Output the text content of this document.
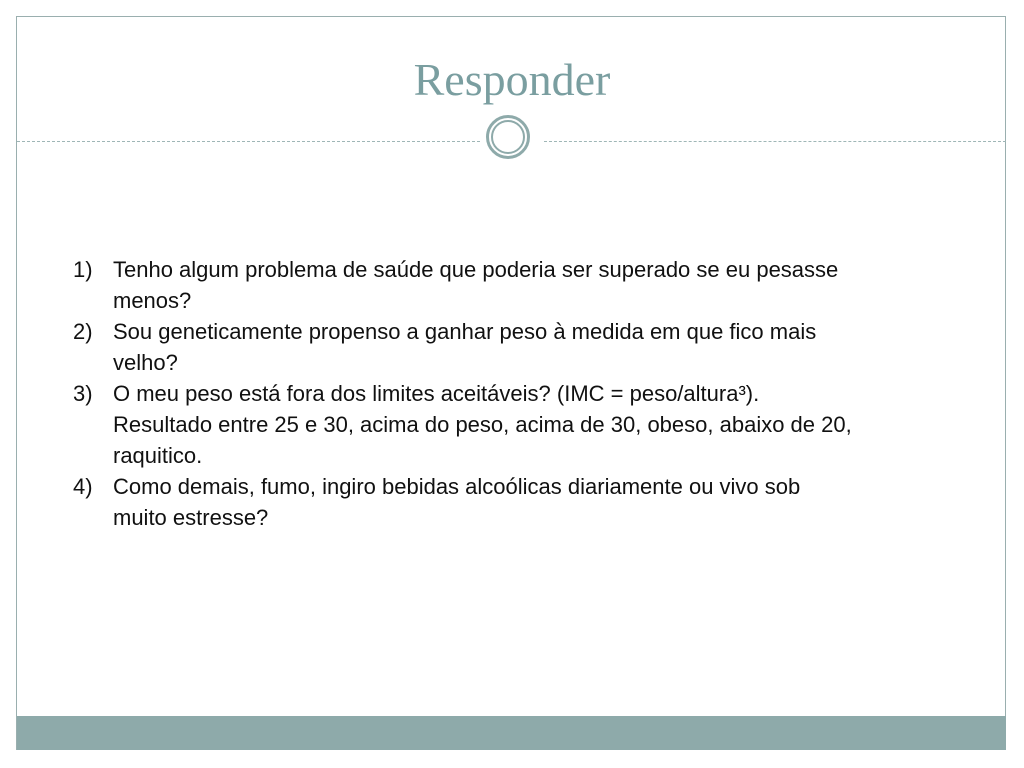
Responder
1) Tenho algum problema de saúde que poderia ser superado se eu pesasse
menos?
2) Sou geneticamente propenso a ganhar peso à medida em que fico mais
velho?
3) O meu peso está fora dos limites aceitáveis? (IMC = peso/altura³).
Resultado entre 25 e 30, acima do peso, acima de 30, obeso, abaixo de 20,
raquitico.
4) Como demais, fumo, ingiro bebidas alcoólicas diariamente ou vivo sob
muito estresse?
